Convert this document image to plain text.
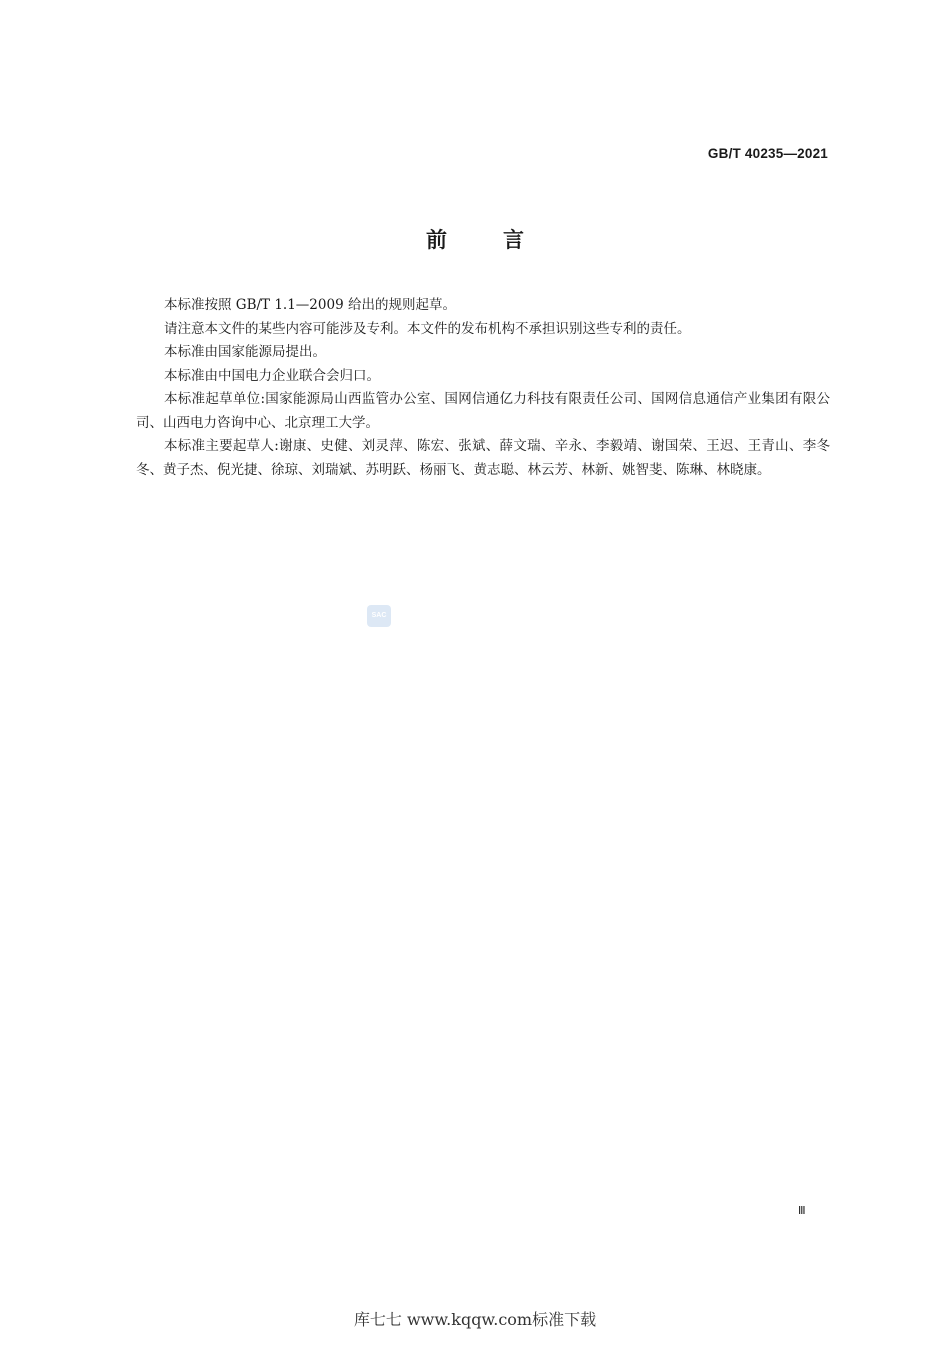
GB/T 40235—2021
前	言

本标准按照 GB/T 1.1—2009 给出的规则起草。

请注意本文件的某些内容可能涉及专利。本文件的发布机构不承担识别这些专利的责任。

本标准由国家能源局提出。

本标准由中国电力企业联合会归口。

本标准起草单位:国家能源局山西监管办公室、国网信通亿力科技有限责任公司、国网信息通信产业集团有限公司、山西电力咨询中心、北京理工大学。

本标准主要起草人:谢康、史健、刘灵萍、陈宏、张斌、薛文瑞、辛永、李毅靖、谢国荣、王迟、王青山、李冬冬、黄子杰、倪光捷、徐琼、刘瑞斌、苏明跃、杨丽飞、黄志聪、林云芳、林新、姚智斐、陈琳、林晓康。

SAC
Ⅲ
库七七 www.kqqw.com标准下载
